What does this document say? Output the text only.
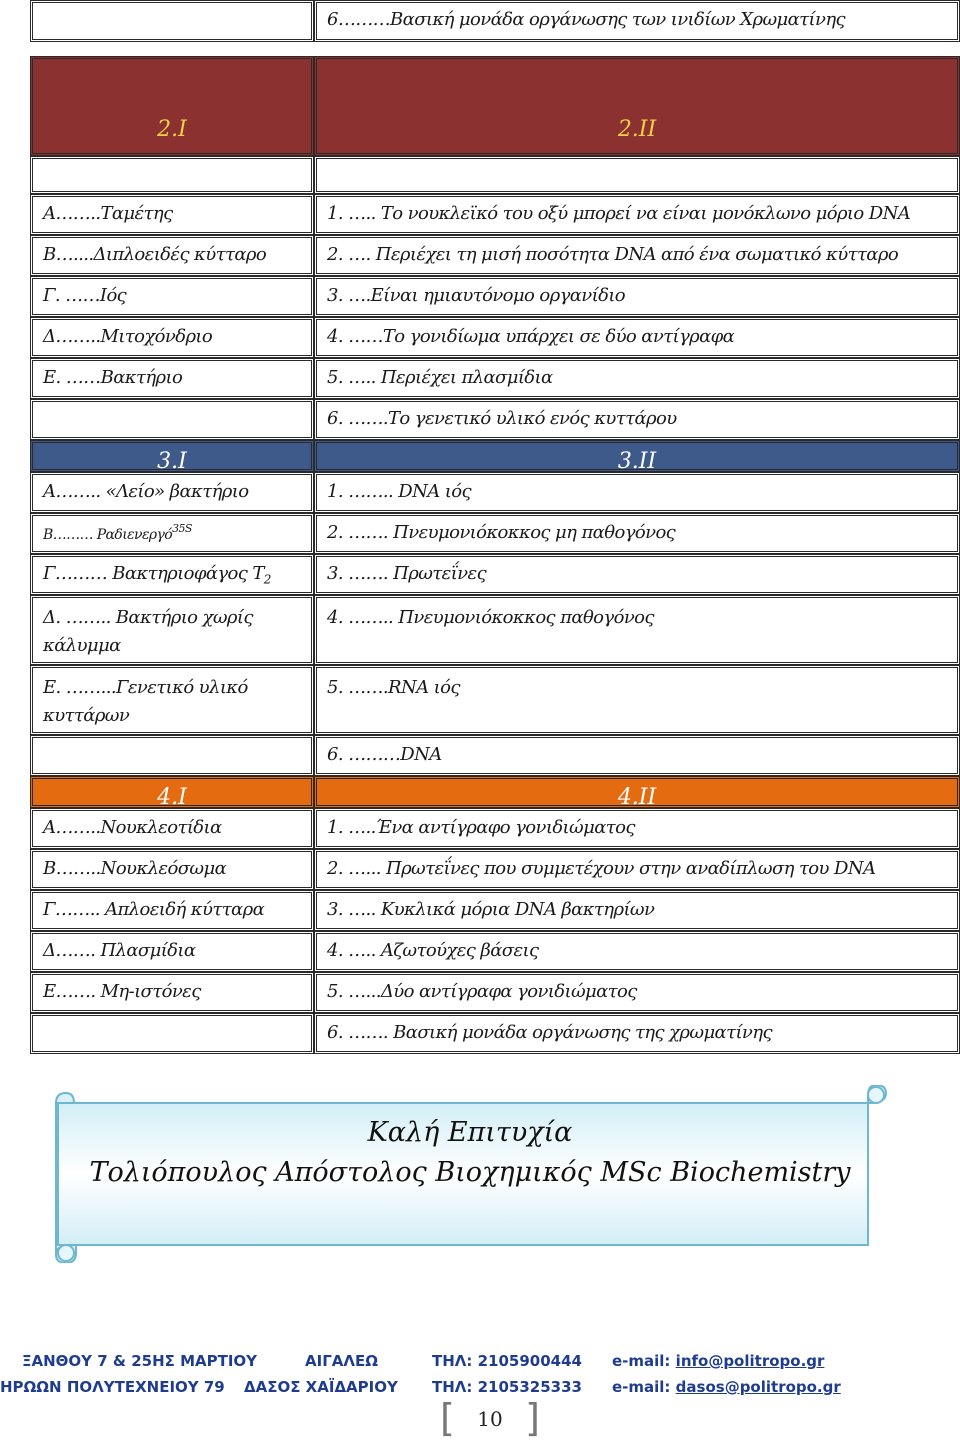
	6………Βασική μονάδα οργάνωσης των ινιδίων Χρωματίνης

2.Ι	2.ΙΙ

Α……..Ταμέτης	1. ….. Το νουκλεϊκό του οξύ μπορεί να είναι μονόκλωνο μόριο DNA

Β…....Διπλοειδές κύτταρο	2. …. Περιέχει τη μισή ποσότητα DNA από ένα σωματικό κύτταρο

Γ. ……Ιός	3. ….Είναι ημιαυτόνομο οργανίδιο

Δ……..Μιτοχόνδριο	4. ……Το γονιδίωμα υπάρχει σε δύο αντίγραφα

Ε. ……Βακτήριο	5. ….. Περιέχει πλασμίδια

	6. …….Το γενετικό υλικό ενός κυττάρου

3.Ι	3.ΙΙ

Α…….. «Λείο» βακτήριο	1. …….. DNA ιός

Β……… Ραδιενεργό$^{35S}$	2. ……. Πνευμονιόκοκκος μη παθογόνος

Γ……… Βακτηριοφάγος $T_2$	3. ……. Πρωτεΐνες

Δ. …….. Βακτήριο χωρίς κάλυμμα	4. …….. Πνευμονιόκοκκος παθογόνος

Ε. ……...Γενετικό υλικό κυττάρων	5. …….RNA ιός

	6. ………DNA

4.Ι	4.ΙΙ

Α……..Νουκλεοτίδια	1. …..Ένα αντίγραφο γονιδιώματος

Β……..Νουκλεόσωμα	2. …... Πρωτεΐνες που συμμετέχουν στην αναδίπλωση του DNA

Γ…….. Απλοειδή κύτταρα	3. ….. Κυκλικά μόρια DNA βακτηρίων

Δ……. Πλασμίδια	4. ….. Αζωτούχες βάσεις

Ε……. Μη-ιστόνες	5. …...Δύο αντίγραφα γονιδιώματος

	6. ……. Βασική μονάδα οργάνωσης της χρωματίνης
Καλή Επιτυχία
Τολιόπουλος Απόστολος Βιοχημικός MSc Biochemistry
ΞΑΝΘΟΥ 7 & 25ΗΣ ΜΑΡΤΙΟΥ	ΑΙΓΑΛΕΩ	ΤΗΛ: 2105900444 e-mail: info@politropo.gr
ΗΡΩΩΝ ΠΟΛΥΤΕΧΝΕΙΟΥ 79 ΔΑΣΟΣ ΧΑΪΔΑΡΙΟΥ ΤΗΛ: 2105325333 e-mail: dasos@politropo.gr
[ 10 ]
